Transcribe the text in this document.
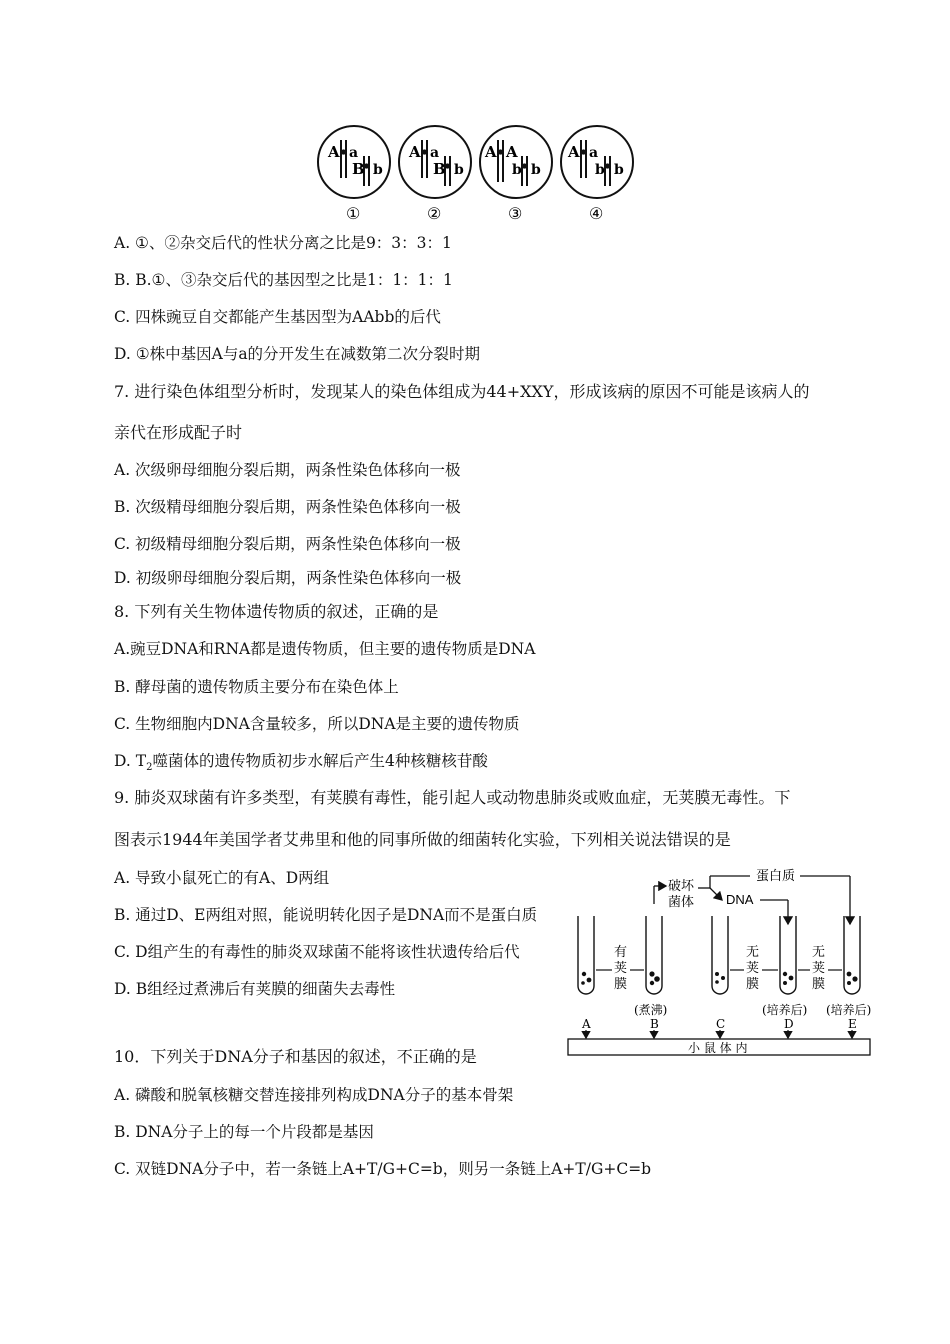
A a
B b
①
A a
B b
②
A A
b b
③
A a
b b
④
A. ①、②杂交后代的性状分离之比是9：3：3：1
B. B.①、③杂交后代的基因型之比是1：1：1：1
C. 四株豌豆自交都能产生基因型为AAbb的后代
D. ①株中基因A与a的分开发生在减数第二次分裂时期
7. 进行染色体组型分析时，发现某人的染色体组成为44+XXY，形成该病的原因不可能是该病人的
亲代在形成配子时
A. 次级卵母细胞分裂后期，两条性染色体移向一极
B. 次级精母细胞分裂后期，两条性染色体移向一极
C. 初级精母细胞分裂后期，两条性染色体移向一极
D. 初级卵母细胞分裂后期，两条性染色体移向一极
8. 下列有关生物体遗传物质的叙述，正确的是
A.豌豆DNA和RNA都是遗传物质，但主要的遗传物质是DNA
B. 酵母菌的遗传物质主要分布在染色体上
C. 生物细胞内DNA含量较多，所以DNA是主要的遗传物质
D. $T_2$噬菌体的遗传物质初步水解后产生4种核糖核苷酸
9. 肺炎双球菌有许多类型，有荚膜有毒性，能引起人或动物患肺炎或败血症，无荚膜无毒性。下
图表示1944年美国学者艾弗里和他的同事所做的细菌转化实验，下列相关说法错误的是
A. 导致小鼠死亡的有A、D两组
B. 通过D、E两组对照，能说明转化因子是DNA而不是蛋白质
C. D组产生的有毒性的肺炎双球菌不能将该性状遗传给后代
D. B组经过煮沸后有荚膜的细菌失去毒性
破坏
菌体
蛋白质
DNA
有
荚
膜
(煮沸)
无
荚
膜
(培养后)
无
荚
膜
(培养后)
A	B	C	D	E
小 鼠 体 内
10．下列关于DNA分子和基因的叙述，不正确的是
A. 磷酸和脱氧核糖交替连接排列构成DNA分子的基本骨架
B. DNA分子上的每一个片段都是基因
C. 双链DNA分子中，若一条链上A+T/G+C=b，则另一条链上A+T/G+C=b
